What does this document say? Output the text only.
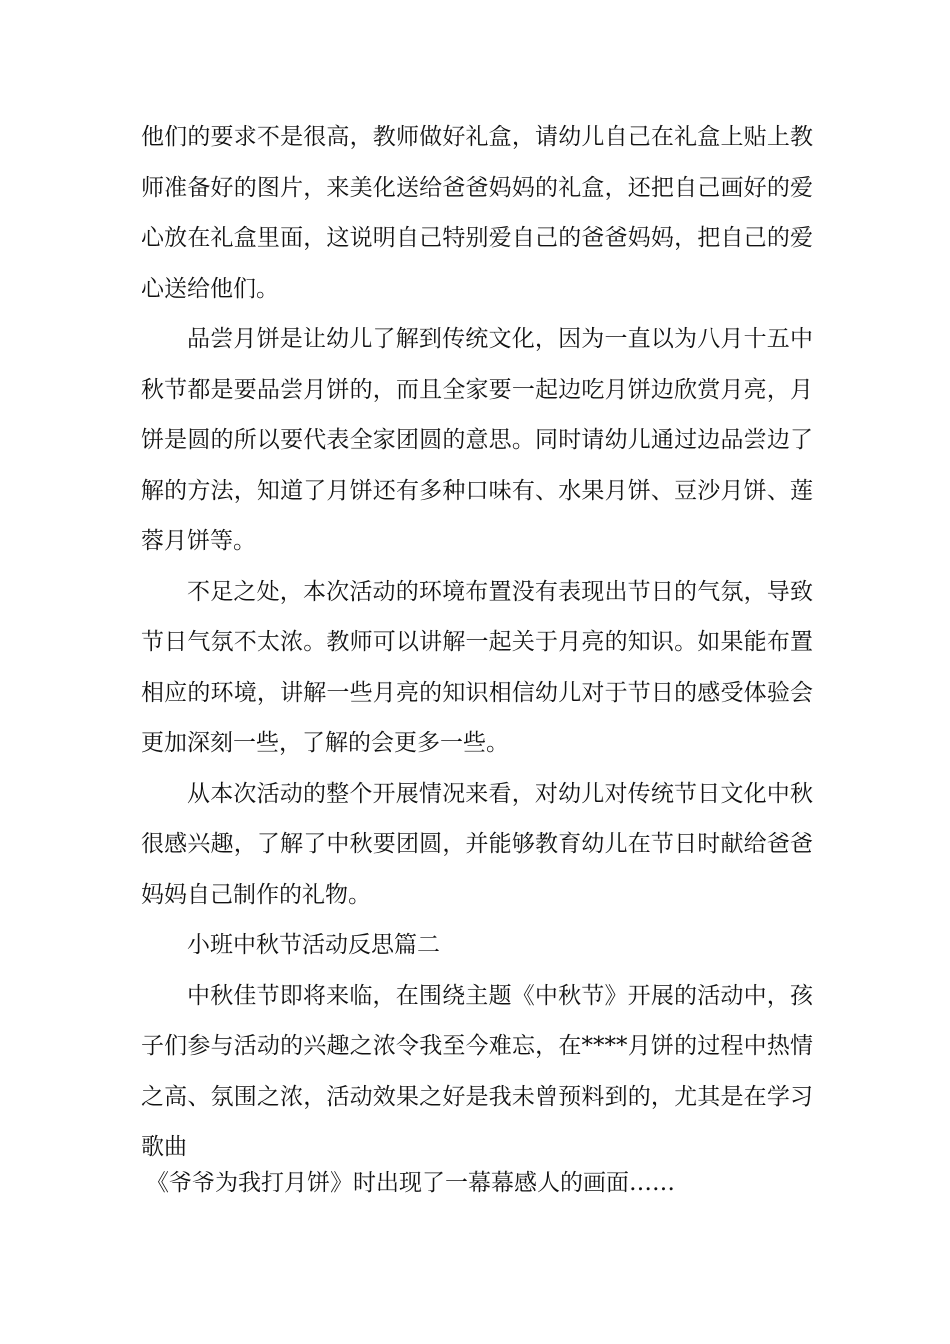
他们的要求不是很高，教师做好礼盒，请幼儿自己在礼盒上贴上教师准备好的图片，来美化送给爸爸妈妈的礼盒，还把自己画好的爱心放在礼盒里面，这说明自己特别爱自己的爸爸妈妈，把自己的爱心送给他们。

品尝月饼是让幼儿了解到传统文化，因为一直以为八月十五中秋节都是要品尝月饼的，而且全家要一起边吃月饼边欣赏月亮，月饼是圆的所以要代表全家团圆的意思。同时请幼儿通过边品尝边了解的方法，知道了月饼还有多种口味有、水果月饼、豆沙月饼、莲蓉月饼等。

不足之处，本次活动的环境布置没有表现出节日的气氛，导致节日气氛不太浓。教师可以讲解一起关于月亮的知识。如果能布置相应的环境，讲解一些月亮的知识相信幼儿对于节日的感受体验会更加深刻一些，了解的会更多一些。

从本次活动的整个开展情况来看，对幼儿对传统节日文化中秋很感兴趣，了解了中秋要团圆，并能够教育幼儿在节日时献给爸爸妈妈自己制作的礼物。

小班中秋节活动反思篇二

中秋佳节即将来临，在围绕主题《中秋节》开展的活动中，孩子们参与活动的兴趣之浓令我至今难忘，在****月饼的过程中热情之高、氛围之浓，活动效果之好是我未曾预料到的，尤其是在学习歌曲

《爷爷为我打月饼》时出现了一幕幕感人的画面……
